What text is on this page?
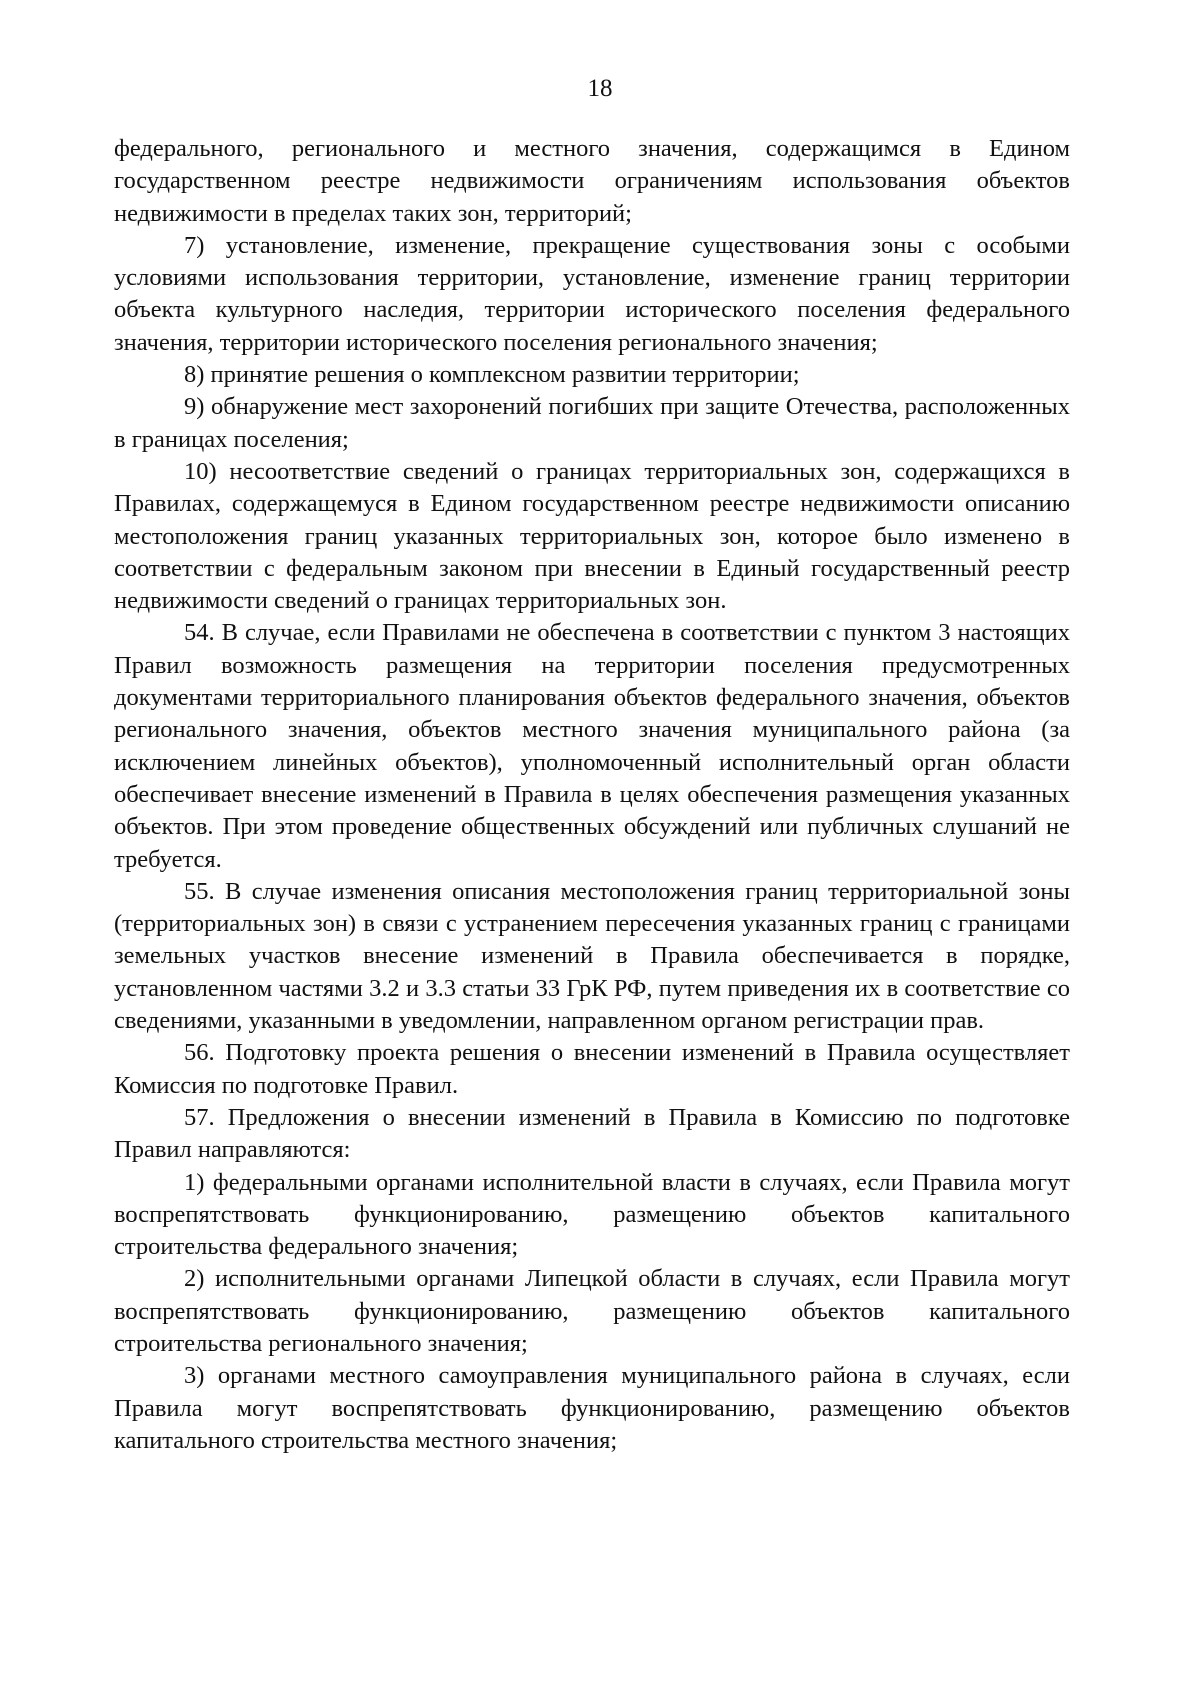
18

федерального, регионального и местного значения, содержащимся в Едином государственном реестре недвижимости ограничениям использования объектов недвижимости в пределах таких зон, территорий;

7) установление, изменение, прекращение существования зоны с особыми условиями использования территории, установление, изменение границ территории объекта культурного наследия, территории исторического поселения федерального значения, территории исторического поселения регионального значения;

8) принятие решения о комплексном развитии территории;

9) обнаружение мест захоронений погибших при защите Отечества, расположенных в границах поселения;

10) несоответствие сведений о границах территориальных зон, содержащихся в Правилах, содержащемуся в Едином государственном реестре недвижимости описанию местоположения границ указанных территориальных зон, которое было изменено в соответствии с федеральным законом при внесении в Единый государственный реестр недвижимости сведений о границах территориальных зон.

54. В случае, если Правилами не обеспечена в соответствии с пунктом 3 настоящих Правил возможность размещения на территории поселения предусмотренных документами территориального планирования объектов федерального значения, объектов регионального значения, объектов местного значения муниципального района (за исключением линейных объектов), уполномоченный исполнительный орган области обеспечивает внесение изменений в Правила в целях обеспечения размещения указанных объектов. При этом проведение общественных обсуждений или публичных слушаний не требуется.

55. В случае изменения описания местоположения границ территориальной зоны (территориальных зон) в связи с устранением пересечения указанных границ с границами земельных участков внесение изменений в Правила обеспечивается в порядке, установленном частями 3.2 и 3.3 статьи 33 ГрК РФ, путем приведения их в соответствие со сведениями, указанными в уведомлении, направленном органом регистрации прав.

56. Подготовку проекта решения о внесении изменений в Правила осуществляет Комиссия по подготовке Правил.

57. Предложения о внесении изменений в Правила в Комиссию по подготовке Правил направляются:

1) федеральными органами исполнительной власти в случаях, если Правила могут воспрепятствовать функционированию, размещению объектов капитального строительства федерального значения;

2) исполнительными органами Липецкой области в случаях, если Правила могут воспрепятствовать функционированию, размещению объектов капитального строительства регионального значения;

3) органами местного самоуправления муниципального района в случаях, если Правила могут воспрепятствовать функционированию, размещению объектов капитального строительства местного значения;
